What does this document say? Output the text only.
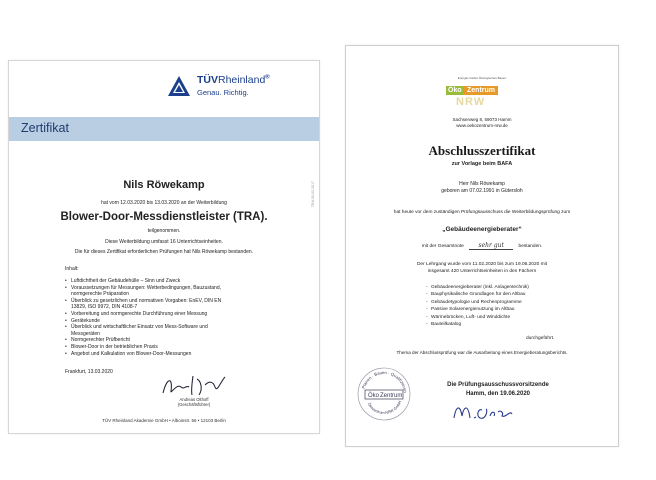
TÜVRheinland®
Genau. Richtig.
Zertifikat
Nils Röwekamp
hat vom 12.03.2020 bis 13.03.2020 an der Weiterbildung
Blower-Door-Messdienstleister (TRA).
teilgenommen.
Diese Weiterbildung umfasst 16 Unterrichtseinheiten.
Die für dieses Zertifikat erforderlichen Prüfungen hat Nils Röwekamp bestanden.
Inhalt:
• Luftdichtheit der Gebäudehülle – Sinn und Zweck
• Voraussetzungen für Messungen: Wetterbedingungen, Bauzustand,
normgerechte Präparation
• Überblick zu gesetzlichen und normativen Vorgaben: EnEV, DIN EN
13829, ISO 9972, DIN 4108-7
• Vorbereitung und normgerechte Durchführung einer Messung
• Gerätekunde
• Überblick und wirtschaftlicher Einsatz von Mess-Software und
Messgeräten
• Normgerechter Prüfbericht
• Blower-Door in der betrieblichen Praxis
• Angebot und Kalkulation von Blower-Door-Messungen
Frankfurt, 13.03.2020
Andreas Olthoff
(Geschäftsführer)
TÜV Rheinland Akademie GmbH • Alboinstr. 56 • 12103 Berlin
TRA-00-02-2017
Energie-Institut Ökologisches Bauen
Öko Zentrum
NRW
Sachsenweg 8, 59073 Hamm
www.oekozentrum-nrw.de
Abschlusszertifikat
zur Vorlage beim BAFA
Herr Nils Röwekamp
geboren am 07.02.1991 in Gütersloh
hat heute vor dem zuständigen Prüfungsausschuss die Weiterbildungsprüfung zum
„Gebäudeenergieberater“
mit der Gesamtnote sehr gut	bestanden.
Der Lehrgang wurde vom 11.02.2020 bis zum 19.06.2020 mit
insgesamt 420 Unterrichtseinheiten in den Fächern
- Gebäudeenergieberater (inkl. Anlagentechnik)
- Bauphysikalische Grundlagen für den Altbau
- Gebäudetypologie und Rechenprogramme
- Passive Solarenergienutzung im Altbau
- Wärmebrücken, Luft- und Winddichte
- Bauteilkatalog
durchgeführt.
Thema der Abschlussprüfung war die Ausarbeitung eines Energieberatungsberichts.
Planen · Bauen · Qualifizieren
Öko Zentrum
Ökozentrum NRW GmbH
Die Prüfungsausschussvorsitzende
Hamm, den 19.06.2020
